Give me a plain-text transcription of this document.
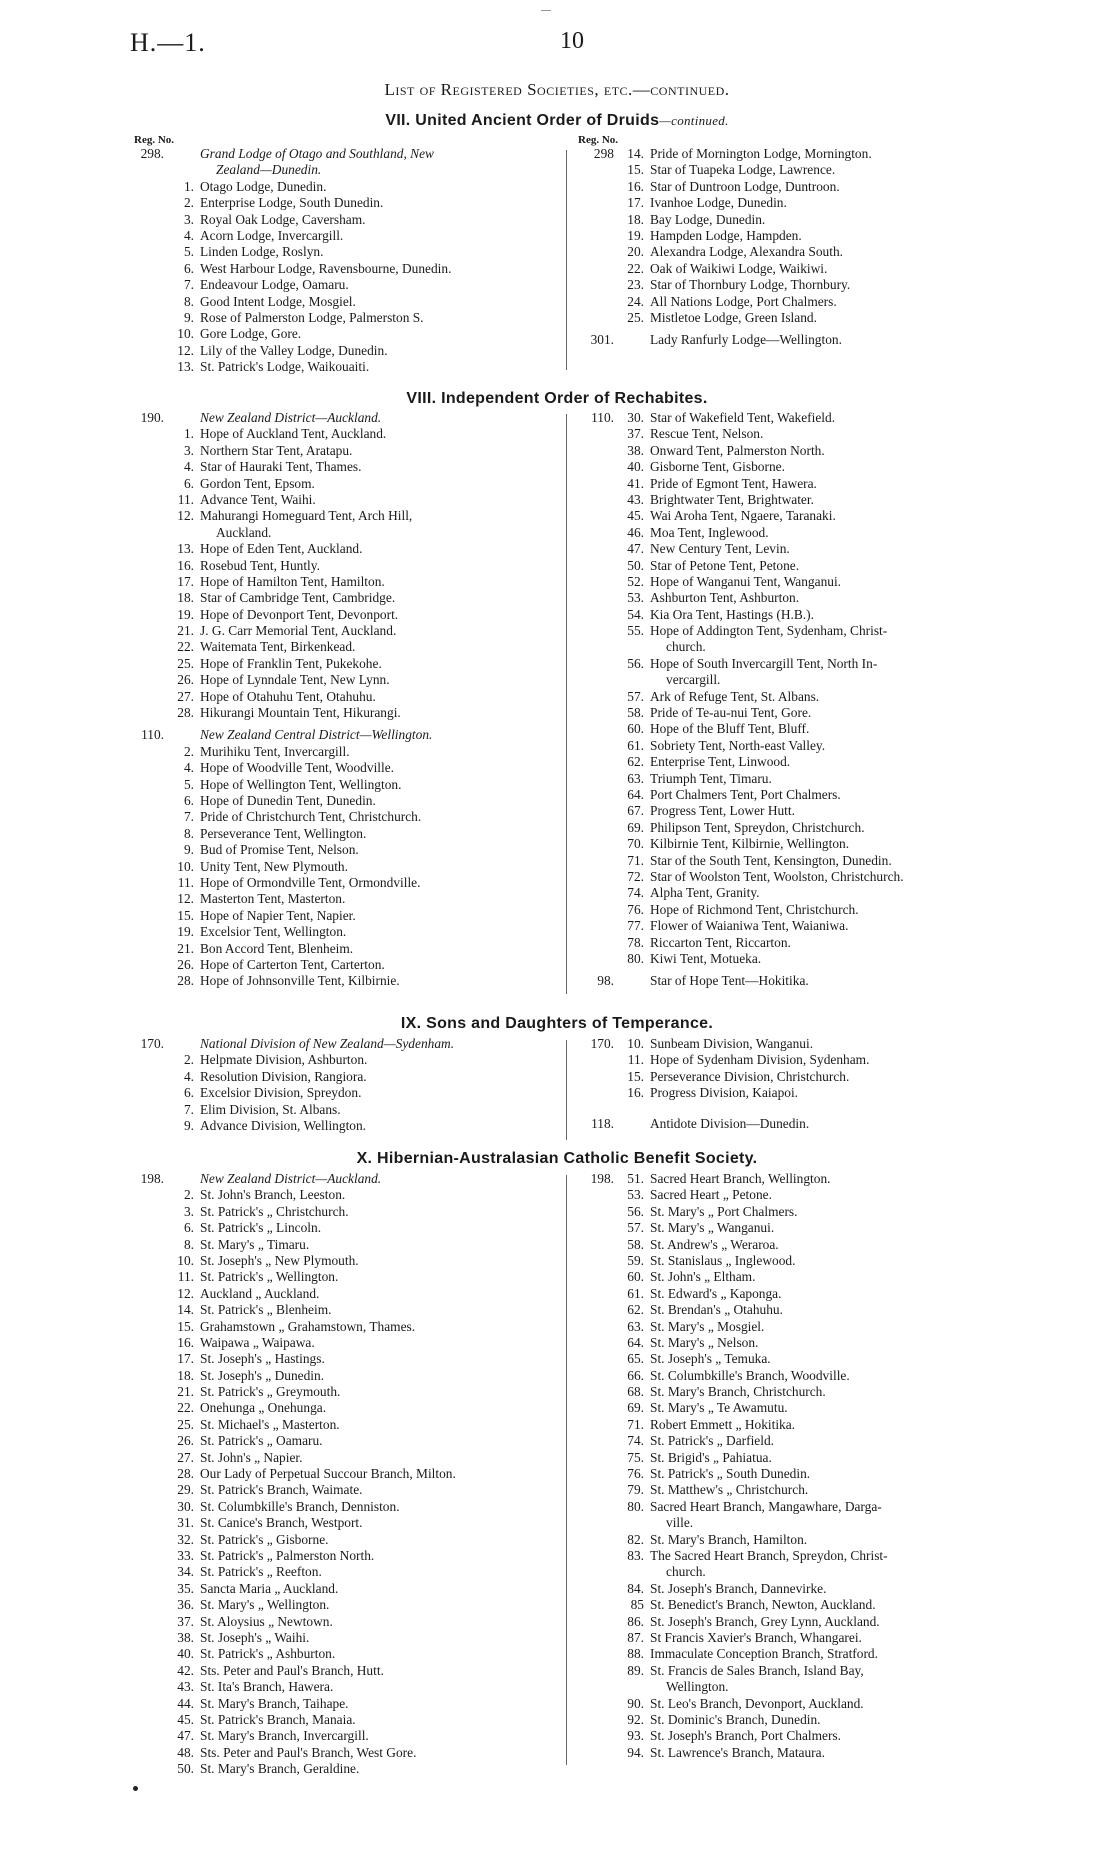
H.—1.	10
List of Registered Societies, etc.—continued.
VII. United Ancient Order of Druids—continued.
Reg. No.	Reg. No.
298.	Grand Lodge of Otago and Southland, New
Zealand—Dunedin.
1. Otago Lodge, Dunedin.
2. Enterprise Lodge, South Dunedin.
3. Royal Oak Lodge, Caversham.
4. Acorn Lodge, Invercargill.
5. Linden Lodge, Roslyn.
6. West Harbour Lodge, Ravensbourne, Dunedin.
7. Endeavour Lodge, Oamaru.
8. Good Intent Lodge, Mosgiel.
9. Rose of Palmerston Lodge, Palmerston S.
10. Gore Lodge, Gore.
12. Lily of the Valley Lodge, Dunedin.
13. St. Patrick's Lodge, Waikouaiti.
298 14. Pride of Mornington Lodge, Mornington.
15. Star of Tuapeka Lodge, Lawrence.
16. Star of Duntroon Lodge, Duntroon.
17. Ivanhoe Lodge, Dunedin.
18. Bay Lodge, Dunedin.
19. Hampden Lodge, Hampden.
20. Alexandra Lodge, Alexandra South.
22. Oak of Waikiwi Lodge, Waikiwi.
23. Star of Thornbury Lodge, Thornbury.
24. All Nations Lodge, Port Chalmers.
25. Mistletoe Lodge, Green Island.
301.	Lady Ranfurly Lodge—Wellington.
VIII. Independent Order of Rechabites.
190.	New Zealand District—Auckland.
1. Hope of Auckland Tent, Auckland.
3. Northern Star Tent, Aratapu.
4. Star of Hauraki Tent, Thames.
6. Gordon Tent, Epsom.
11. Advance Tent, Waihi.
12. Mahurangi Homeguard Tent, Arch Hill,
Auckland.
13. Hope of Eden Tent, Auckland.
16. Rosebud Tent, Huntly.
17. Hope of Hamilton Tent, Hamilton.
18. Star of Cambridge Tent, Cambridge.
19. Hope of Devonport Tent, Devonport.
21. J. G. Carr Memorial Tent, Auckland.
22. Waitemata Tent, Birkenkead.
25. Hope of Franklin Tent, Pukekohe.
26. Hope of Lynndale Tent, New Lynn.
27. Hope of Otahuhu Tent, Otahuhu.
28. Hikurangi Mountain Tent, Hikurangi.
110.	New Zealand Central District—Wellington.
2. Murihiku Tent, Invercargill.
4. Hope of Woodville Tent, Woodville.
5. Hope of Wellington Tent, Wellington.
6. Hope of Dunedin Tent, Dunedin.
7. Pride of Christchurch Tent, Christchurch.
8. Perseverance Tent, Wellington.
9. Bud of Promise Tent, Nelson.
10. Unity Tent, New Plymouth.
11. Hope of Ormondville Tent, Ormondville.
12. Masterton Tent, Masterton.
15. Hope of Napier Tent, Napier.
19. Excelsior Tent, Wellington.
21. Bon Accord Tent, Blenheim.
26. Hope of Carterton Tent, Carterton.
28. Hope of Johnsonville Tent, Kilbirnie.
110. 30. Star of Wakefield Tent, Wakefield.
37. Rescue Tent, Nelson.
38. Onward Tent, Palmerston North.
40. Gisborne Tent, Gisborne.
41. Pride of Egmont Tent, Hawera.
43. Brightwater Tent, Brightwater.
45. Wai Aroha Tent, Ngaere, Taranaki.
46. Moa Tent, Inglewood.
47. New Century Tent, Levin.
50. Star of Petone Tent, Petone.
52. Hope of Wanganui Tent, Wanganui.
53. Ashburton Tent, Ashburton.
54. Kia Ora Tent, Hastings (H.B.).
55. Hope of Addington Tent, Sydenham, Christ-
church.
56. Hope of South Invercargill Tent, North In-
vercargill.
57. Ark of Refuge Tent, St. Albans.
58. Pride of Te-au-nui Tent, Gore.
60. Hope of the Bluff Tent, Bluff.
61. Sobriety Tent, North-east Valley.
62. Enterprise Tent, Linwood.
63. Triumph Tent, Timaru.
64. Port Chalmers Tent, Port Chalmers.
67. Progress Tent, Lower Hutt.
69. Philipson Tent, Spreydon, Christchurch.
70. Kilbirnie Tent, Kilbirnie, Wellington.
71. Star of the South Tent, Kensington, Dunedin.
72. Star of Woolston Tent, Woolston, Christchurch.
74. Alpha Tent, Granity.
76. Hope of Richmond Tent, Christchurch.
77. Flower of Waianiwa Tent, Waianiwa.
78. Riccarton Tent, Riccarton.
80. Kiwi Tent, Motueka.
98.	Star of Hope Tent—Hokitika.
IX. Sons and Daughters of Temperance.
170.	National Division of New Zealand—Sydenham.
2. Helpmate Division, Ashburton.
4. Resolution Division, Rangiora.
6. Excelsior Division, Spreydon.
7. Elim Division, St. Albans.
9. Advance Division, Wellington.
170. 10. Sunbeam Division, Wanganui.
11. Hope of Sydenham Division, Sydenham.
15. Perseverance Division, Christchurch.
16. Progress Division, Kaiapoi.
118.	Antidote Division—Dunedin.
X. Hibernian-Australasian Catholic Benefit Society.
198.	New Zealand District—Auckland.
2. St. John's Branch, Leeston.
3. St. Patrick's „ Christchurch.
6. St. Patrick's „ Lincoln.
8. St. Mary's „ Timaru.
10. St. Joseph's „ New Plymouth.
11. St. Patrick's „ Wellington.
12. Auckland „ Auckland.
14. St. Patrick's „ Blenheim.
15. Grahamstown „ Grahamstown, Thames.
16. Waipawa „ Waipawa.
17. St. Joseph's „ Hastings.
18. St. Joseph's „ Dunedin.
21. St. Patrick's „ Greymouth.
22. Onehunga „ Onehunga.
25. St. Michael's „ Masterton.
26. St. Patrick's „ Oamaru.
27. St. John's „ Napier.
28. Our Lady of Perpetual Succour Branch, Milton.
29. St. Patrick's Branch, Waimate.
30. St. Columbkille's Branch, Denniston.
31. St. Canice's Branch, Westport.
32. St. Patrick's „ Gisborne.
33. St. Patrick's „ Palmerston North.
34. St. Patrick's „ Reefton.
35. Sancta Maria „ Auckland.
36. St. Mary's „ Wellington.
37. St. Aloysius „ Newtown.
38. St. Joseph's „ Waihi.
40. St. Patrick's „ Ashburton.
42. Sts. Peter and Paul's Branch, Hutt.
43. St. Ita's Branch, Hawera.
44. St. Mary's Branch, Taihape.
45. St. Patrick's Branch, Manaia.
47. St. Mary's Branch, Invercargill.
48. Sts. Peter and Paul's Branch, West Gore.
50. St. Mary's Branch, Geraldine.
198. 51. Sacred Heart Branch, Wellington.
53. Sacred Heart „ Petone.
56. St. Mary's „ Port Chalmers.
57. St. Mary's „ Wanganui.
58. St. Andrew's „ Weraroa.
59. St. Stanislaus „ Inglewood.
60. St. John's „ Eltham.
61. St. Edward's „ Kaponga.
62. St. Brendan's „ Otahuhu.
63. St. Mary's „ Mosgiel.
64. St. Mary's „ Nelson.
65. St. Joseph's „ Temuka.
66. St. Columbkille's Branch, Woodville.
68. St. Mary's Branch, Christchurch.
69. St. Mary's „ Te Awamutu.
71. Robert Emmett „ Hokitika.
74. St. Patrick's „ Darfield.
75. St. Brigid's „ Pahiatua.
76. St. Patrick's „ South Dunedin.
79. St. Matthew's „ Christchurch.
80. Sacred Heart Branch, Mangawhare, Darga-
ville.
82. St. Mary's Branch, Hamilton.
83. The Sacred Heart Branch, Spreydon, Christ-
church.
84. St. Joseph's Branch, Dannevirke.
85 St. Benedict's Branch, Newton, Auckland.
86. St. Joseph's Branch, Grey Lynn, Auckland.
87. St Francis Xavier's Branch, Whangarei.
88. Immaculate Conception Branch, Stratford.
89. St. Francis de Sales Branch, Island Bay,
Wellington.
90. St. Leo's Branch, Devonport, Auckland.
92. St. Dominic's Branch, Dunedin.
93. St. Joseph's Branch, Port Chalmers.
94. St. Lawrence's Branch, Mataura.
